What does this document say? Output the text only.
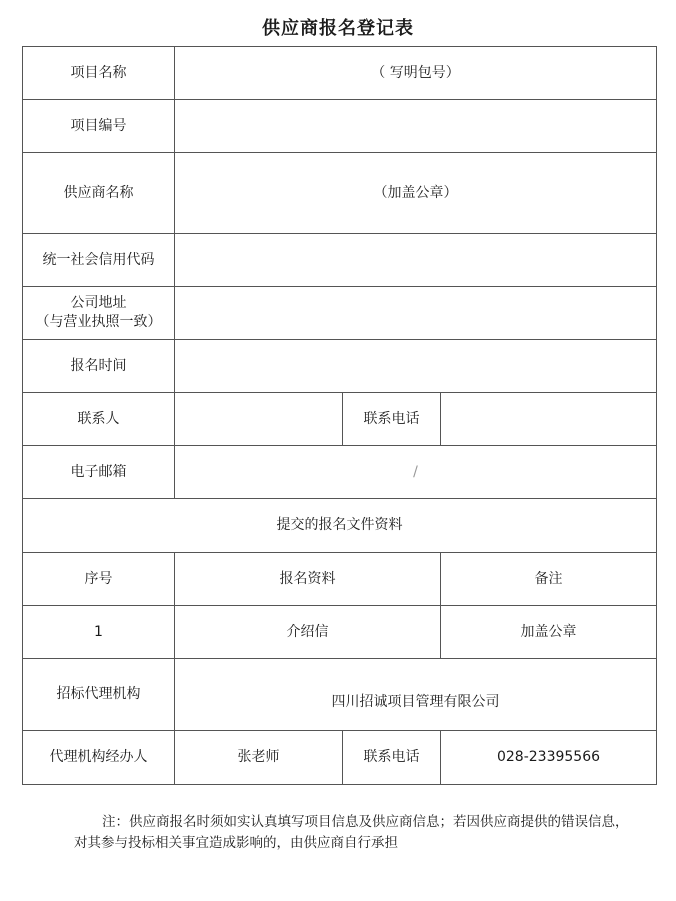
供应商报名登记表
项目名称	（ 写明包号）		
项目编号			
供应商名称	（加盖公章）		
统一社会信用代码			

公司地址
（与营业执照一致）			

报名时间			
联系人		联系电话	
电子邮箱	/		
提交的报名文件资料			
序号	报名资料		备注
1	介绍信		加盖公章
招标代理机构	四川招诚项目管理有限公司		
代理机构经办人	张老师	联系电话	028-23395566
注：供应商报名时须如实认真填写项目信息及供应商信息；若因供应商提供的错误信息，对其参与投标相关事宜造成影响的，由供应商自行承担
